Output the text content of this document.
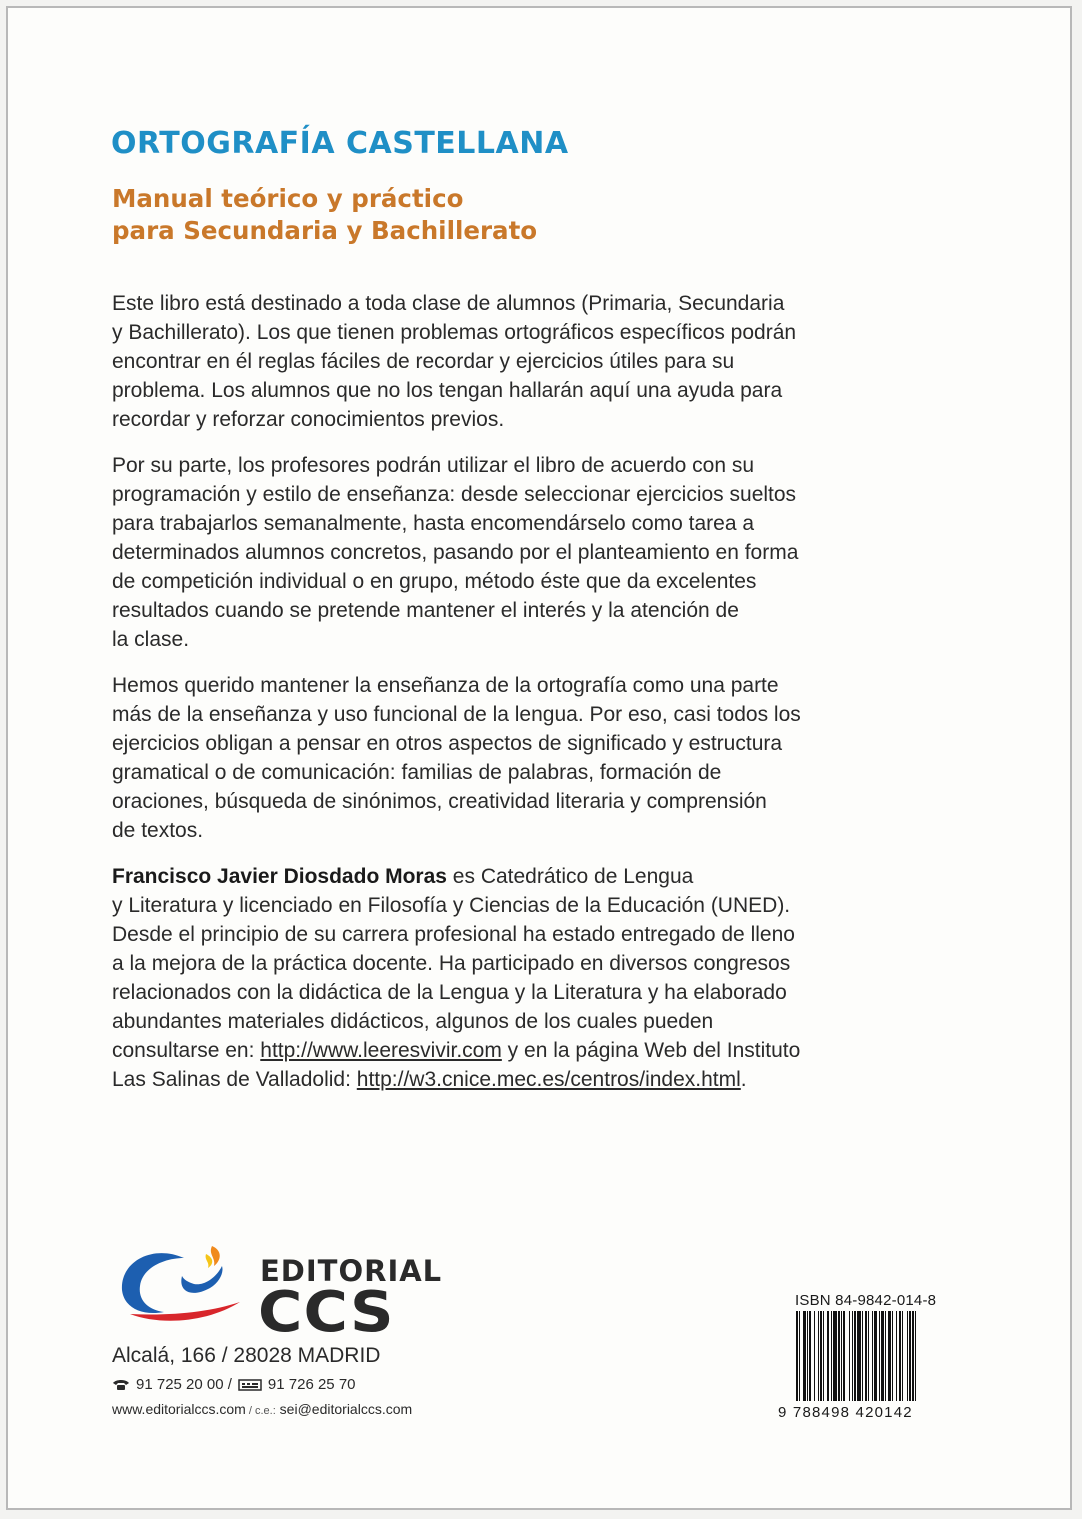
ORTOGRAFÍA CASTELLANA
Manual teórico y práctico
para Secundaria y Bachillerato

Este libro está destinado a toda clase de alumnos (Primaria, Secundaria
y Bachillerato). Los que tienen problemas ortográficos específicos podrán
encontrar en él reglas fáciles de recordar y ejercicios útiles para su
problema. Los alumnos que no los tengan hallarán aquí una ayuda para
recordar y reforzar conocimientos previos.

Por su parte, los profesores podrán utilizar el libro de acuerdo con su
programación y estilo de enseñanza: desde seleccionar ejercicios sueltos
para trabajarlos semanalmente, hasta encomendárselo como tarea a
determinados alumnos concretos, pasando por el planteamiento en forma
de competición individual o en grupo, método éste que da excelentes
resultados cuando se pretende mantener el interés y la atención de
la clase.

Hemos querido mantener la enseñanza de la ortografía como una parte
más de la enseñanza y uso funcional de la lengua. Por eso, casi todos los
ejercicios obligan a pensar en otros aspectos de significado y estructura
gramatical o de comunicación: familias de palabras, formación de
oraciones, búsqueda de sinónimos, creatividad literaria y comprensión
de textos.

Francisco Javier Diosdado Moras es Catedrático de Lengua
y Literatura y licenciado en Filosofía y Ciencias de la Educación (UNED).
Desde el principio de su carrera profesional ha estado entregado de lleno
a la mejora de la práctica docente. Ha participado en diversos congresos
relacionados con la didáctica de la Lengua y la Literatura y ha elaborado
abundantes materiales didácticos, algunos de los cuales pueden
consultarse en: http://www.leeresvivir.com y en la página Web del Instituto
Las Salinas de Valladolid: http://w3.cnice.mec.es/centros/index.html.

EDITORIAL
CCS
Alcalá, 166 / 28028 MADRID
91 725 20 00 / 91 726 25 70
www.editorialccs.com / c.e.: sei@editorialccs.com
ISBN 84-9842-014-8
9 788498 420142
